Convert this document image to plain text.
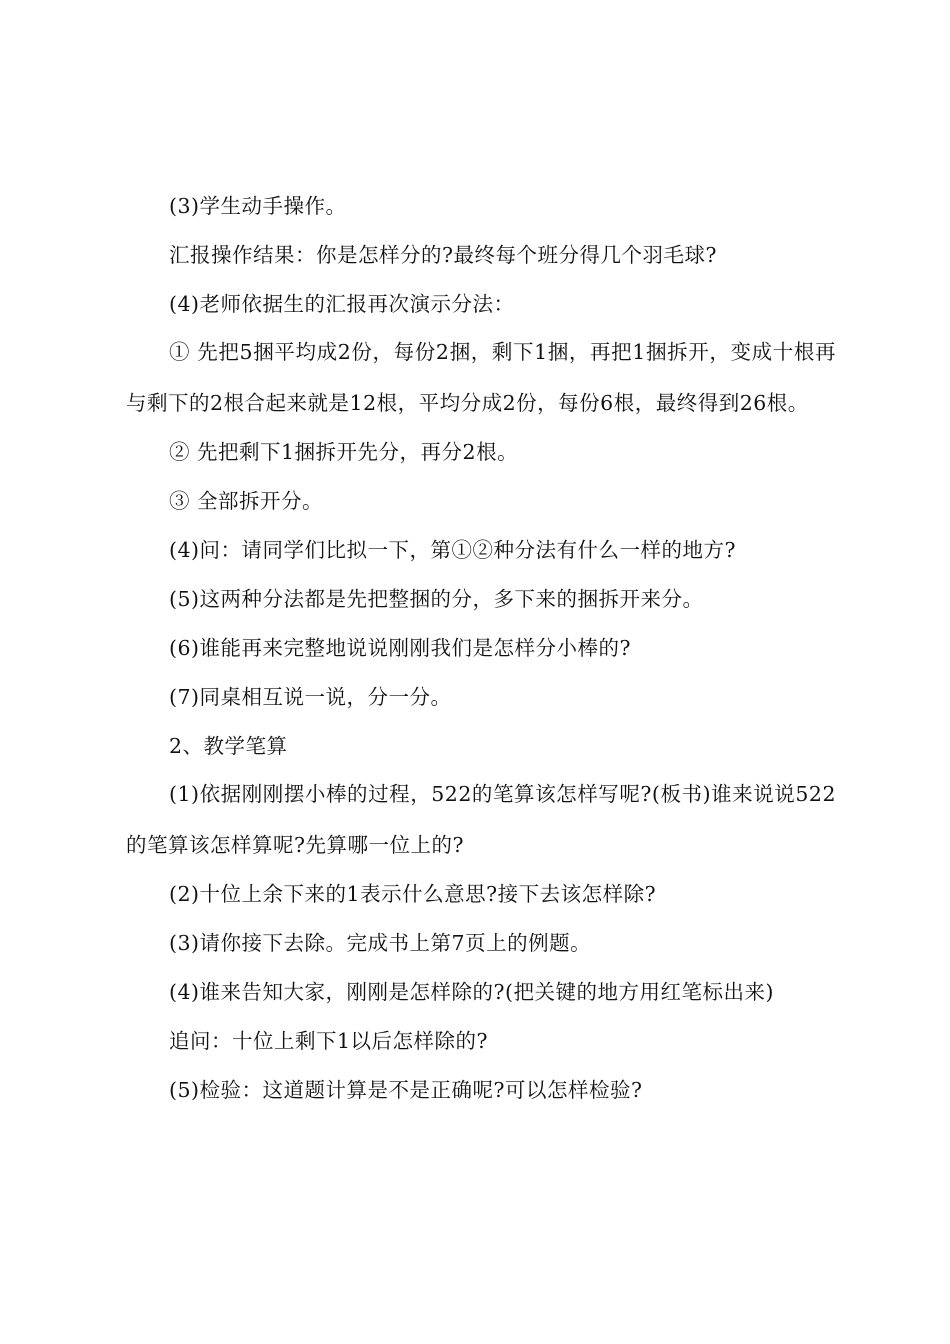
(3)学生动手操作。

汇报操作结果：你是怎样分的?最终每个班分得几个羽毛球?

(4)老师依据生的汇报再次演示分法：

① 先把5捆平均成2份，每份2捆，剩下1捆，再把1捆拆开，变成十根再与剩下的2根合起来就是12根，平均分成2份，每份6根，最终得到26根。

② 先把剩下1捆拆开先分，再分2根。

③ 全部拆开分。

(4)问：请同学们比拟一下，第①②种分法有什么一样的地方?

(5)这两种分法都是先把整捆的分，多下来的捆拆开来分。

(6)谁能再来完整地说说刚刚我们是怎样分小棒的?

(7)同桌相互说一说，分一分。

2、教学笔算

(1)依据刚刚摆小棒的过程，522的笔算该怎样写呢?(板书)谁来说说522的笔算该怎样算呢?先算哪一位上的?

(2)十位上余下来的1表示什么意思?接下去该怎样除?

(3)请你接下去除。完成书上第7页上的例题。

(4)谁来告知大家，刚刚是怎样除的?(把关键的地方用红笔标出来)

追问：十位上剩下1以后怎样除的?

(5)检验：这道题计算是不是正确呢?可以怎样检验?
